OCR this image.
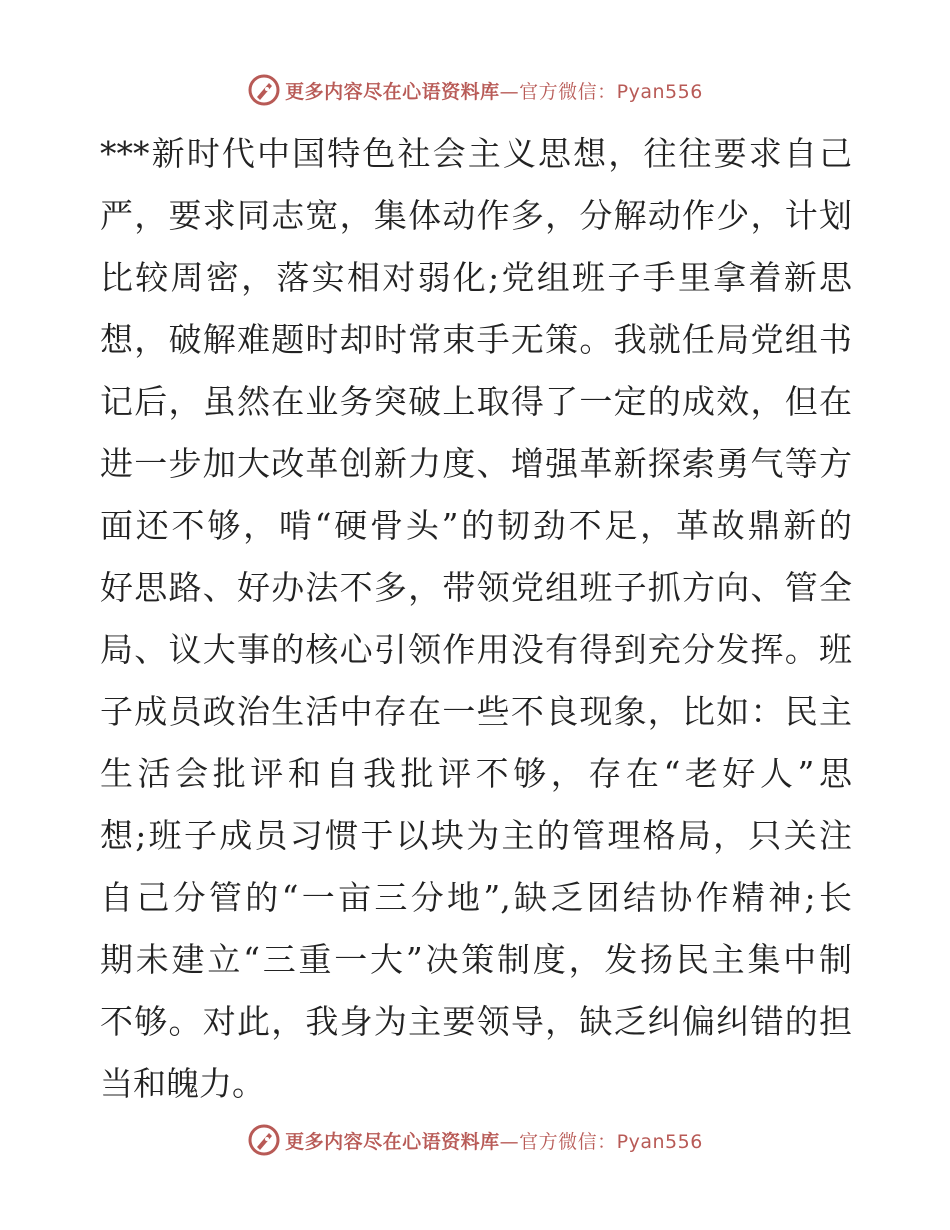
更多内容尽在心语资料库—官方微信：Pyan556
***新时代中国特色社会主义思想，往往要求自己
严，要求同志宽，集体动作多，分解动作少，计划
比较周密，落实相对弱化;党组班子手里拿着新思
想，破解难题时却时常束手无策。我就任局党组书
记后，虽然在业务突破上取得了一定的成效，但在
进一步加大改革创新力度、增强革新探索勇气等方
面还不够，啃“硬骨头”的韧劲不足，革故鼎新的
好思路、好办法不多，带领党组班子抓方向、管全
局、议大事的核心引领作用没有得到充分发挥。班
子成员政治生活中存在一些不良现象，比如：民主
生活会批评和自我批评不够，存在“老好人”思
想;班子成员习惯于以块为主的管理格局，只关注
自己分管的“一亩三分地”,缺乏团结协作精神;长
期未建立“三重一大”决策制度，发扬民主集中制
不够。对此，我身为主要领导，缺乏纠偏纠错的担
当和魄力。
更多内容尽在心语资料库—官方微信：Pyan556
